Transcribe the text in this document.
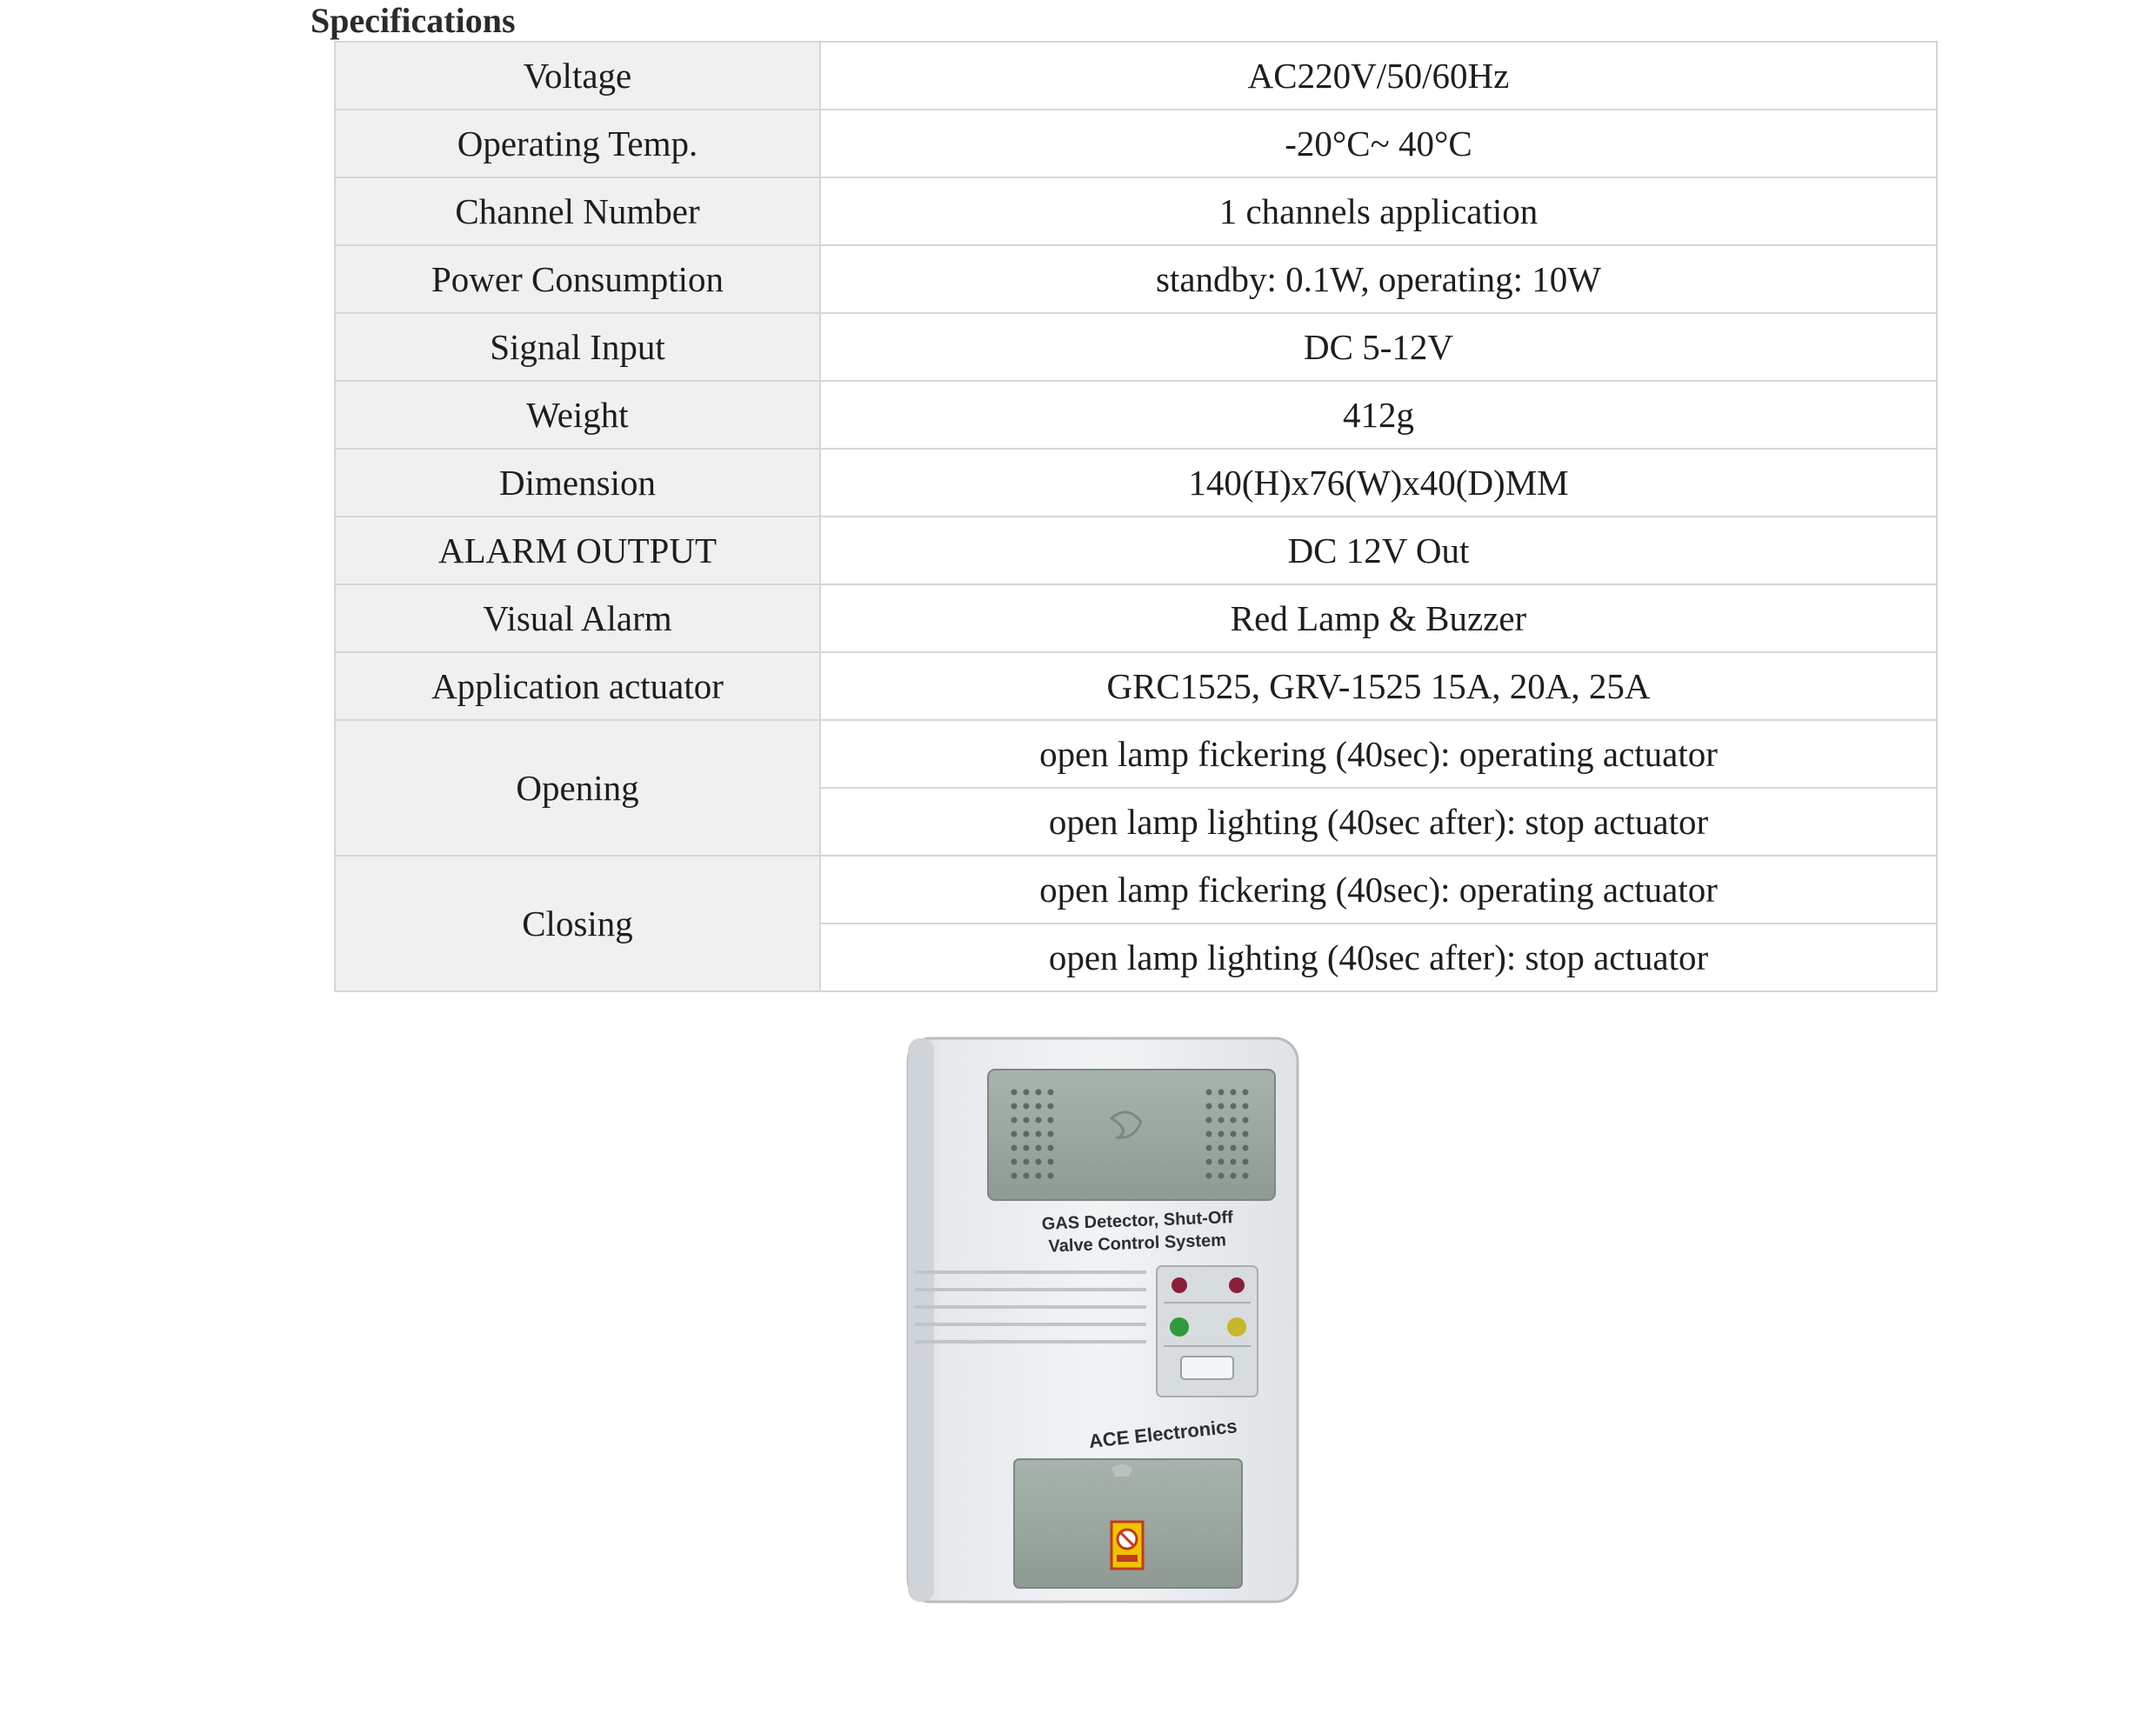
Specifications
Voltage	AC220V/50/60Hz
Operating Temp.	-20°C~ 40°C
Channel Number	1 channels application
Power Consumption	standby: 0.1W, operating: 10W
Signal Input	DC 5-12V
Weight	412g
Dimension	140(H)x76(W)x40(D)MM
ALARM OUTPUT	DC 12V Out
Visual Alarm	Red Lamp & Buzzer
Application actuator	GRC1525, GRV-1525 15A, 20A, 25A
Opening	open lamp fickering (40sec): operating actuator
	open lamp lighting (40sec after): stop actuator
Closing	open lamp fickering (40sec): operating actuator
	open lamp lighting (40sec after): stop actuator
GAS Detector, Shut-Off
Valve Control System
ACE Electronics
